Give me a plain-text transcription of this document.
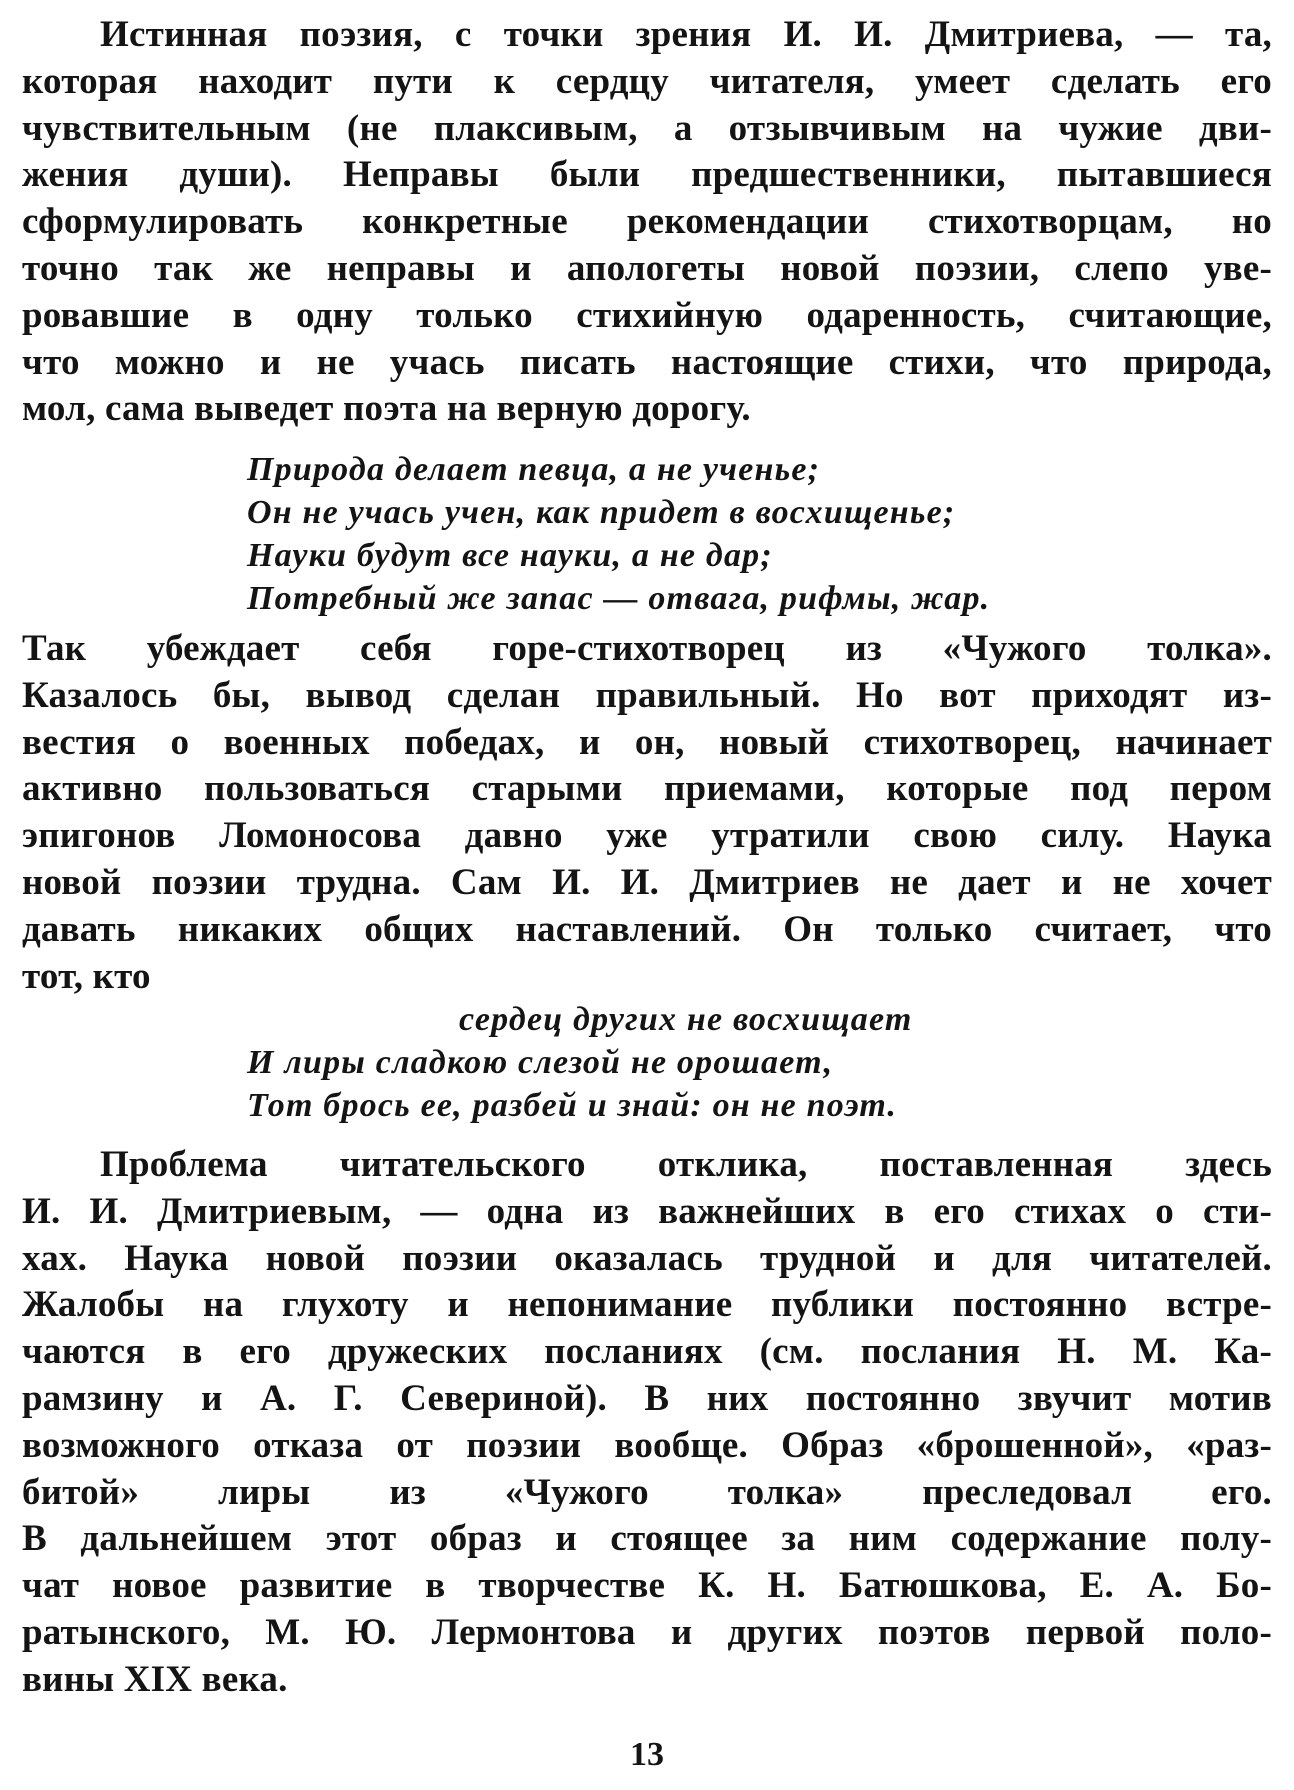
Истинная поэзия, с точки зрения И. И. Дмитриева, — та,
которая находит пути к сердцу читателя, умеет сделать его
чувствительным (не плаксивым, а отзывчивым на чужие дви-
жения души). Неправы были предшественники, пытавшиеся
сформулировать конкретные рекомендации стихотворцам, но
точно так же неправы и апологеты новой поэзии, слепо уве-
ровавшие в одну только стихийную одаренность, считающие,
что можно и не учась писать настоящие стихи, что природа,
мол, сама выведет поэта на верную дорогу.

Природа делает певца, а не ученье;
Он не учась учен, как придет в восхищенье;
Науки будут все науки, а не дар;
Потребный же запас — отвага, рифмы, жар.

Так убеждает себя горе-стихотворец из «Чужого толка».
Казалось бы, вывод сделан правильный. Но вот приходят из-
вестия о военных победах, и он, новый стихотворец, начинает
активно пользоваться старыми приемами, которые под пером
эпигонов Ломоносова давно уже утратили свою силу. Наука
новой поэзии трудна. Сам И. И. Дмитриев не дает и не хочет
давать никаких общих наставлений. Он только считает, что
тот, кто

сердец других не восхищает
И лиры сладкою слезой не орошает,
Тот брось ее, разбей и знай: он не поэт.

Проблема читательского отклика, поставленная здесь
И. И. Дмитриевым, — одна из важнейших в его стихах о сти-
хах. Наука новой поэзии оказалась трудной и для читателей.
Жалобы на глухоту и непонимание публики постоянно встре-
чаются в его дружеских посланиях (см. послания Н. М. Ка-
рамзину и А. Г. Севериной). В них постоянно звучит мотив
возможного отказа от поэзии вообще. Образ «брошенной», «раз-
битой» лиры из «Чужого толка» преследовал его.
В дальнейшем этот образ и стоящее за ним содержание полу-
чат новое развитие в творчестве К. Н. Батюшкова, Е. А. Бо-
ратынского, М. Ю. Лермонтова и других поэтов первой поло-
вины XIX века.

13
